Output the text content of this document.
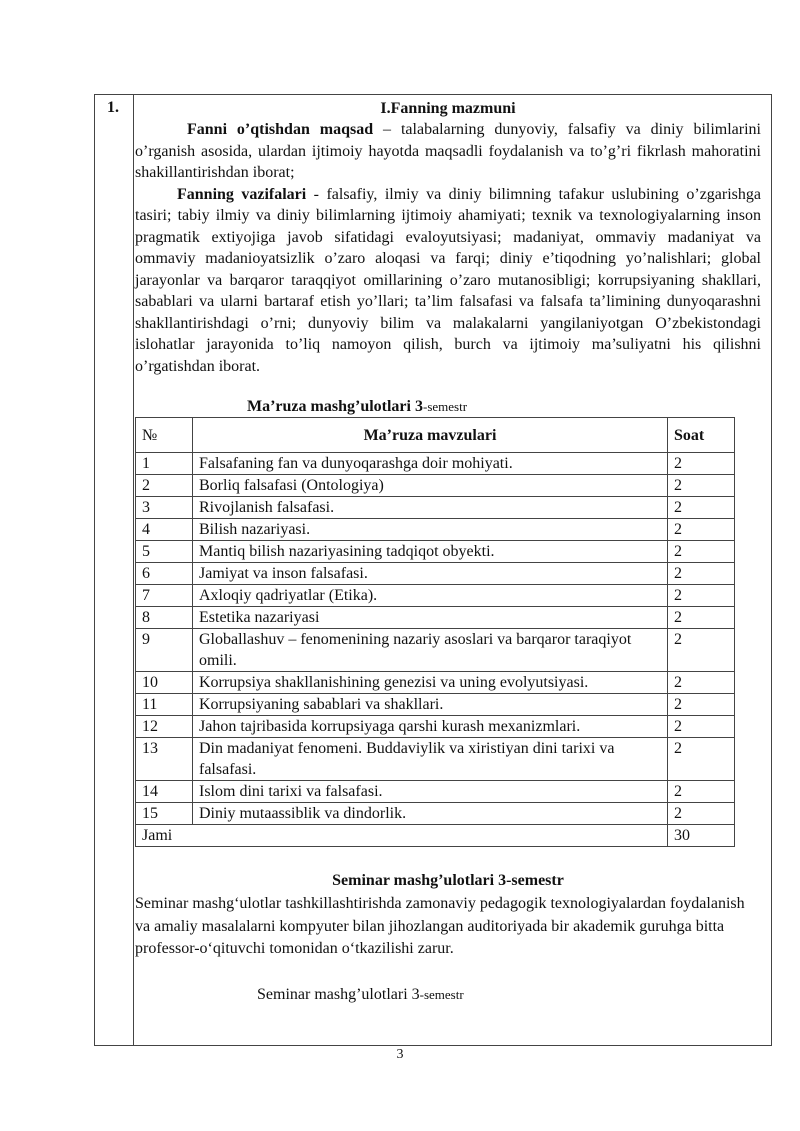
1.	I.Fanning mazmuni
Fanni o’qtishdan maqsad – talabalarning dunyoviy, falsafiy va diniy bilimlarini o’rganish asosida, ulardan ijtimoiy hayotda maqsadli foydalanish va to’g’ri fikrlash mahoratini shakillantirishdan iborat;
Fanning vazifalari - falsafiy, ilmiy va diniy bilimning tafakur uslubining o’zgarishga tasiri; tabiy ilmiy va diniy bilimlarning ijtimoiy ahamiyati; texnik va texnologiyalarning inson pragmatik extiyojiga javob sifatidagi evaloyutsiyasi; madaniyat, ommaviy madaniyat va ommaviy madanioyatsizlik o’zaro aloqasi va farqi; diniy e’tiqodning yo’nalishlari; global jarayonlar va barqaror taraqqiyot omillarining o’zaro mutanosibligi; korrupsiyaning shakllari, sabablari va ularni bartaraf etish yo’llari; ta’lim falsafasi va falsafa ta’limining dunyoqarashni shakllantirishdagi o’rni; dunyoviy bilim va malakalarni yangilaniyotgan O’zbekistondagi islohatlar jarayonida to’liq namoyon qilish, burch va ijtimoiy ma’suliyatni his qilishni o’rgatishdan iborat.
Ma’ruza mashg’ulotlari 3-semestr
№	Ma’ruza mavzulari	Soat
1	Falsafaning fan va dunyoqarashga doir mohiyati.	2
2	Borliq falsafasi (Ontologiya)	2
3	Rivojlanish falsafasi.	2
4	Bilish nazariyasi.	2
5	Mantiq bilish nazariyasining tadqiqot obyekti.	2
6	Jamiyat va inson falsafasi.	2
7	Axloqiy qadriyatlar (Etika).	2
8	Estetika nazariyasi	2
9	Globallashuv – fenomenining nazariy asoslari va barqaror taraqiyot omili.	2
10	Korrupsiya shakllanishining genezisi va uning evolyutsiyasi.	2
11	Korrupsiyaning sabablari va shakllari.	2
12	Jahon tajribasida korrupsiyaga qarshi kurash mexanizmlari.	2
13	Din madaniyat fenomeni. Buddaviylik va xiristiyan dini tarixi va falsafasi.	2
14	Islom dini tarixi va falsafasi.	2
15	Diniy mutaassiblik va dindorlik.	2
Jami		30
Seminar mashg’ulotlari 3-semestr
Seminar mashg‘ulotlar tashkillashtirishda zamonaviy pedagogik texnologiyalardan foydalanish va amaliy masalalarni kompyuter bilan jihozlangan auditoriyada bir akademik guruhga bitta professor-o‘qituvchi tomonidan o‘tkazilishi zarur.
Seminar mashg’ulotlari 3-semestr
3
